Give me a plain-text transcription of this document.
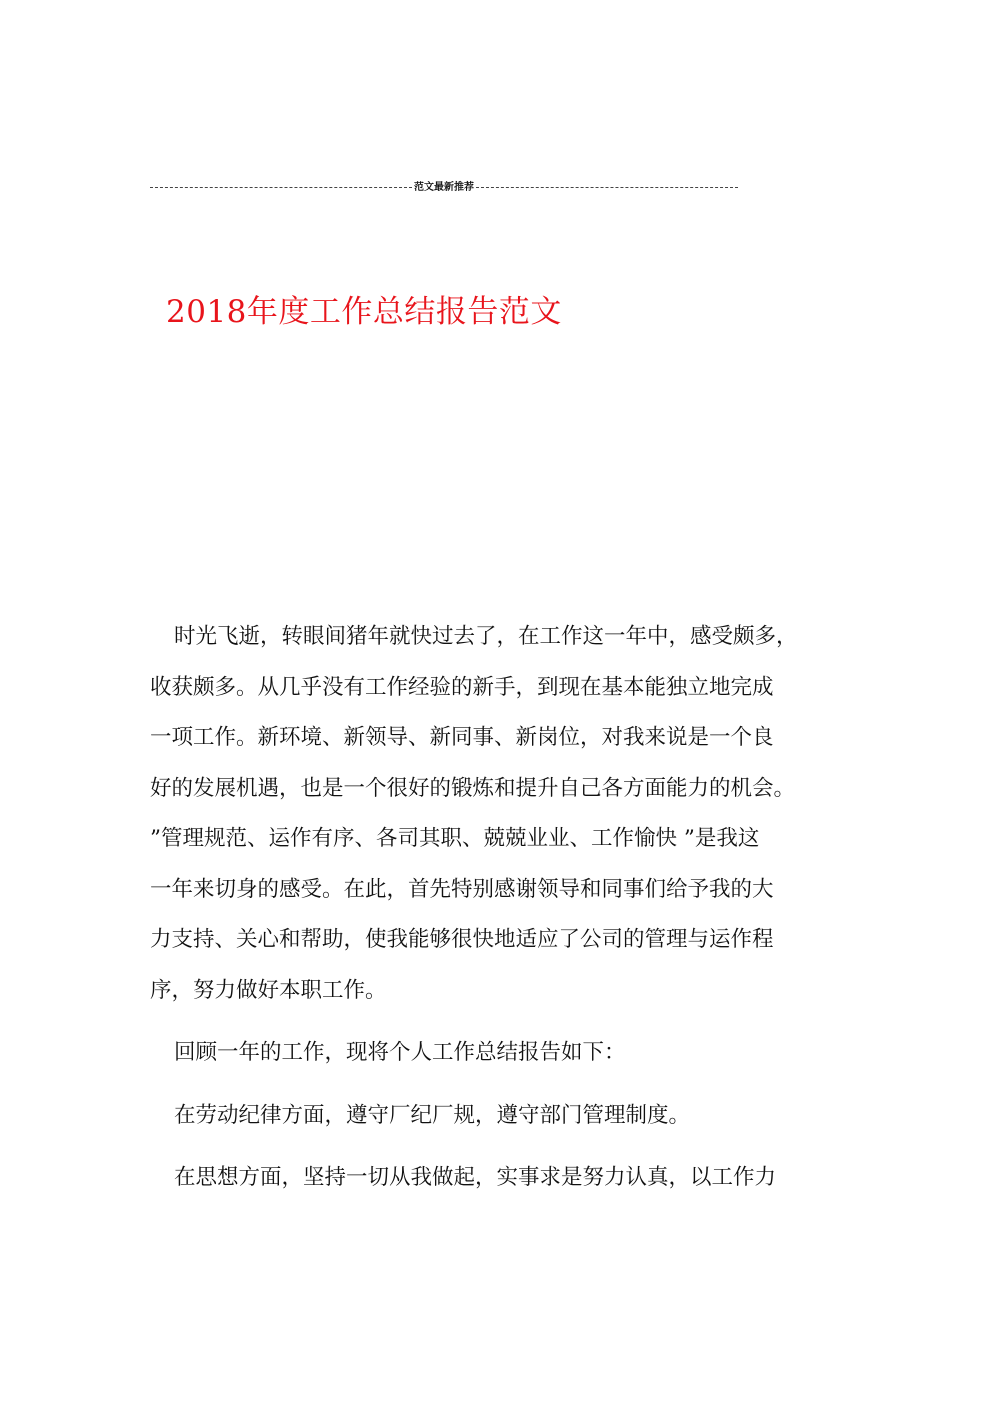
范文最新推荐
2018年度工作总结报告范文

时光飞逝，转眼间猪年就快过去了，在工作这一年中，感受颇多，
收获颇多。从几乎没有工作经验的新手，到现在基本能独立地完成
一项工作。新环境、新领导、新同事、新岗位，对我来说是一个良
好的发展机遇，也是一个很好的锻炼和提升自己各方面能力的机会。
”管理规范、运作有序、各司其职、兢兢业业、工作愉快 ”是我这
一年来切身的感受。在此，首先特别感谢领导和同事们给予我的大
力支持、关心和帮助，使我能够很快地适应了公司的管理与运作程
序，努力做好本职工作。

回顾一年的工作，现将个人工作总结报告如下：

在劳动纪律方面，遵守厂纪厂规，遵守部门管理制度。

在思想方面，坚持一切从我做起，实事求是努力认真，以工作力
